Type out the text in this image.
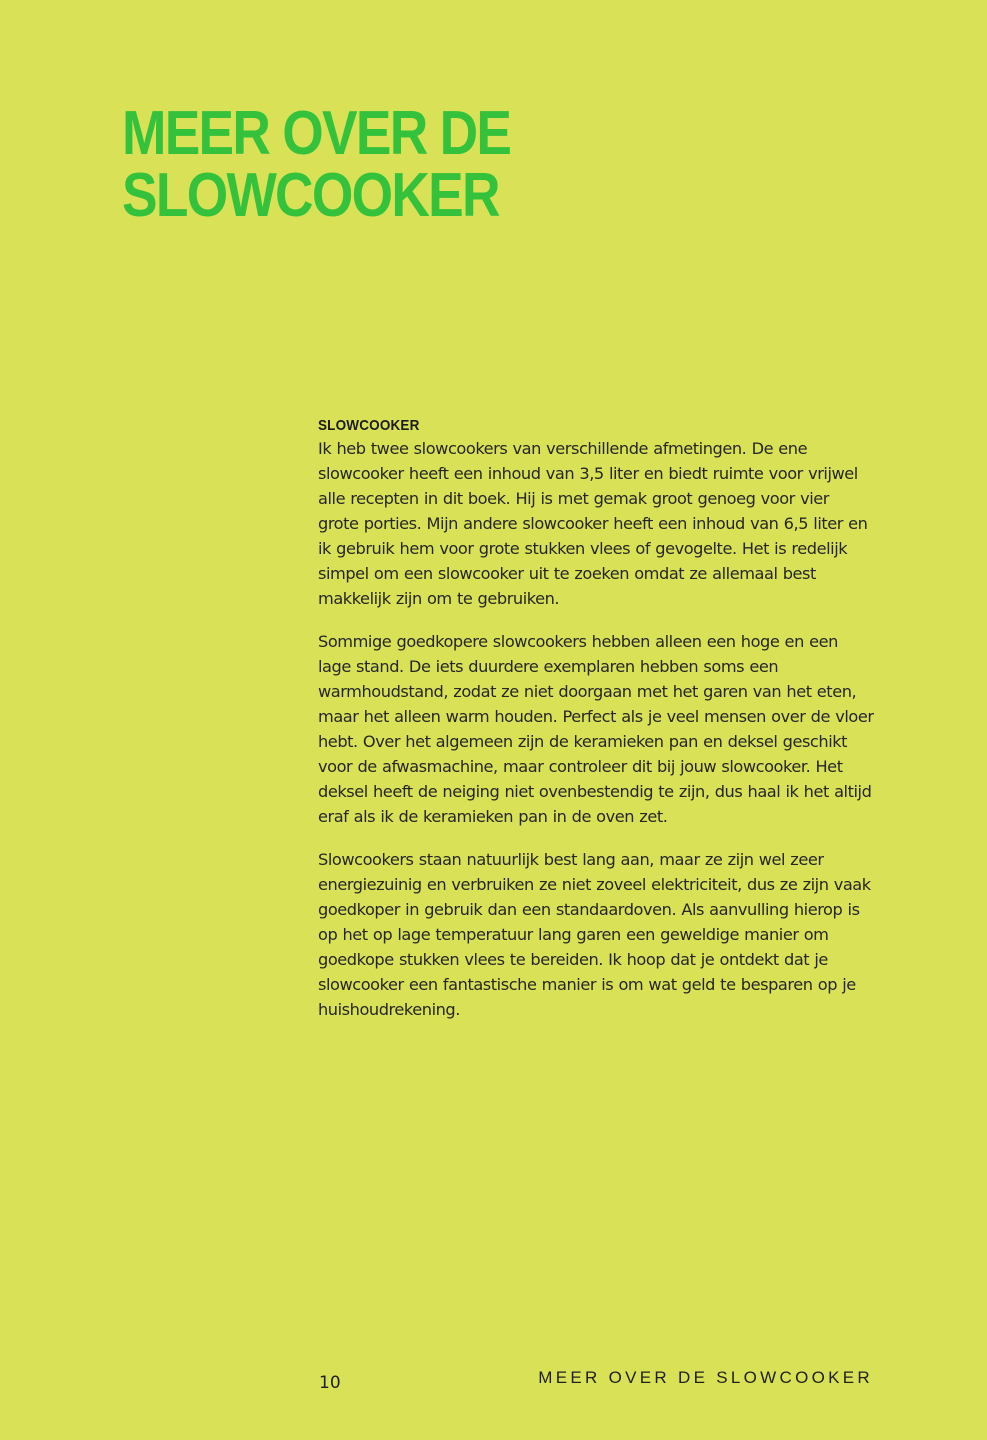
MEER OVER DE
SLOWCOOKER
SLOWCOOKER

Ik heb twee slowcookers van verschillende afmetingen. De ene slowcooker heeft een inhoud van 3,5 liter en biedt ruimte voor vrijwel alle recepten in dit boek. Hij is met gemak groot genoeg voor vier grote porties. Mijn andere slowcooker heeft een inhoud van 6,5 liter en ik gebruik hem voor grote stukken vlees of gevogelte. Het is redelijk simpel om een slowcooker uit te zoeken omdat ze allemaal best makkelijk zijn om te gebruiken.

Sommige goedkopere slowcookers hebben alleen een hoge en een lage stand. De iets duurdere exemplaren hebben soms een warmhoudstand, zodat ze niet doorgaan met het garen van het eten, maar het alleen warm houden. Perfect als je veel mensen over de vloer hebt. Over het algemeen zijn de keramieken pan en deksel geschikt voor de afwasmachine, maar controleer dit bij jouw slowcooker. Het deksel heeft de neiging niet ovenbestendig te zijn, dus haal ik het altijd eraf als ik de keramieken pan in de oven zet.

Slowcookers staan natuurlijk best lang aan, maar ze zijn wel zeer energiezuinig en verbruiken ze niet zoveel elektriciteit, dus ze zijn vaak goedkoper in gebruik dan een standaardoven. Als aanvulling hierop is op het op lage temperatuur lang garen een geweldige manier om goedkope stukken vlees te bereiden. Ik hoop dat je ontdekt dat je slowcooker een fantastische manier is om wat geld te besparen op je huishoudrekening.

10	MEER OVER DE SLOWCOOKER
